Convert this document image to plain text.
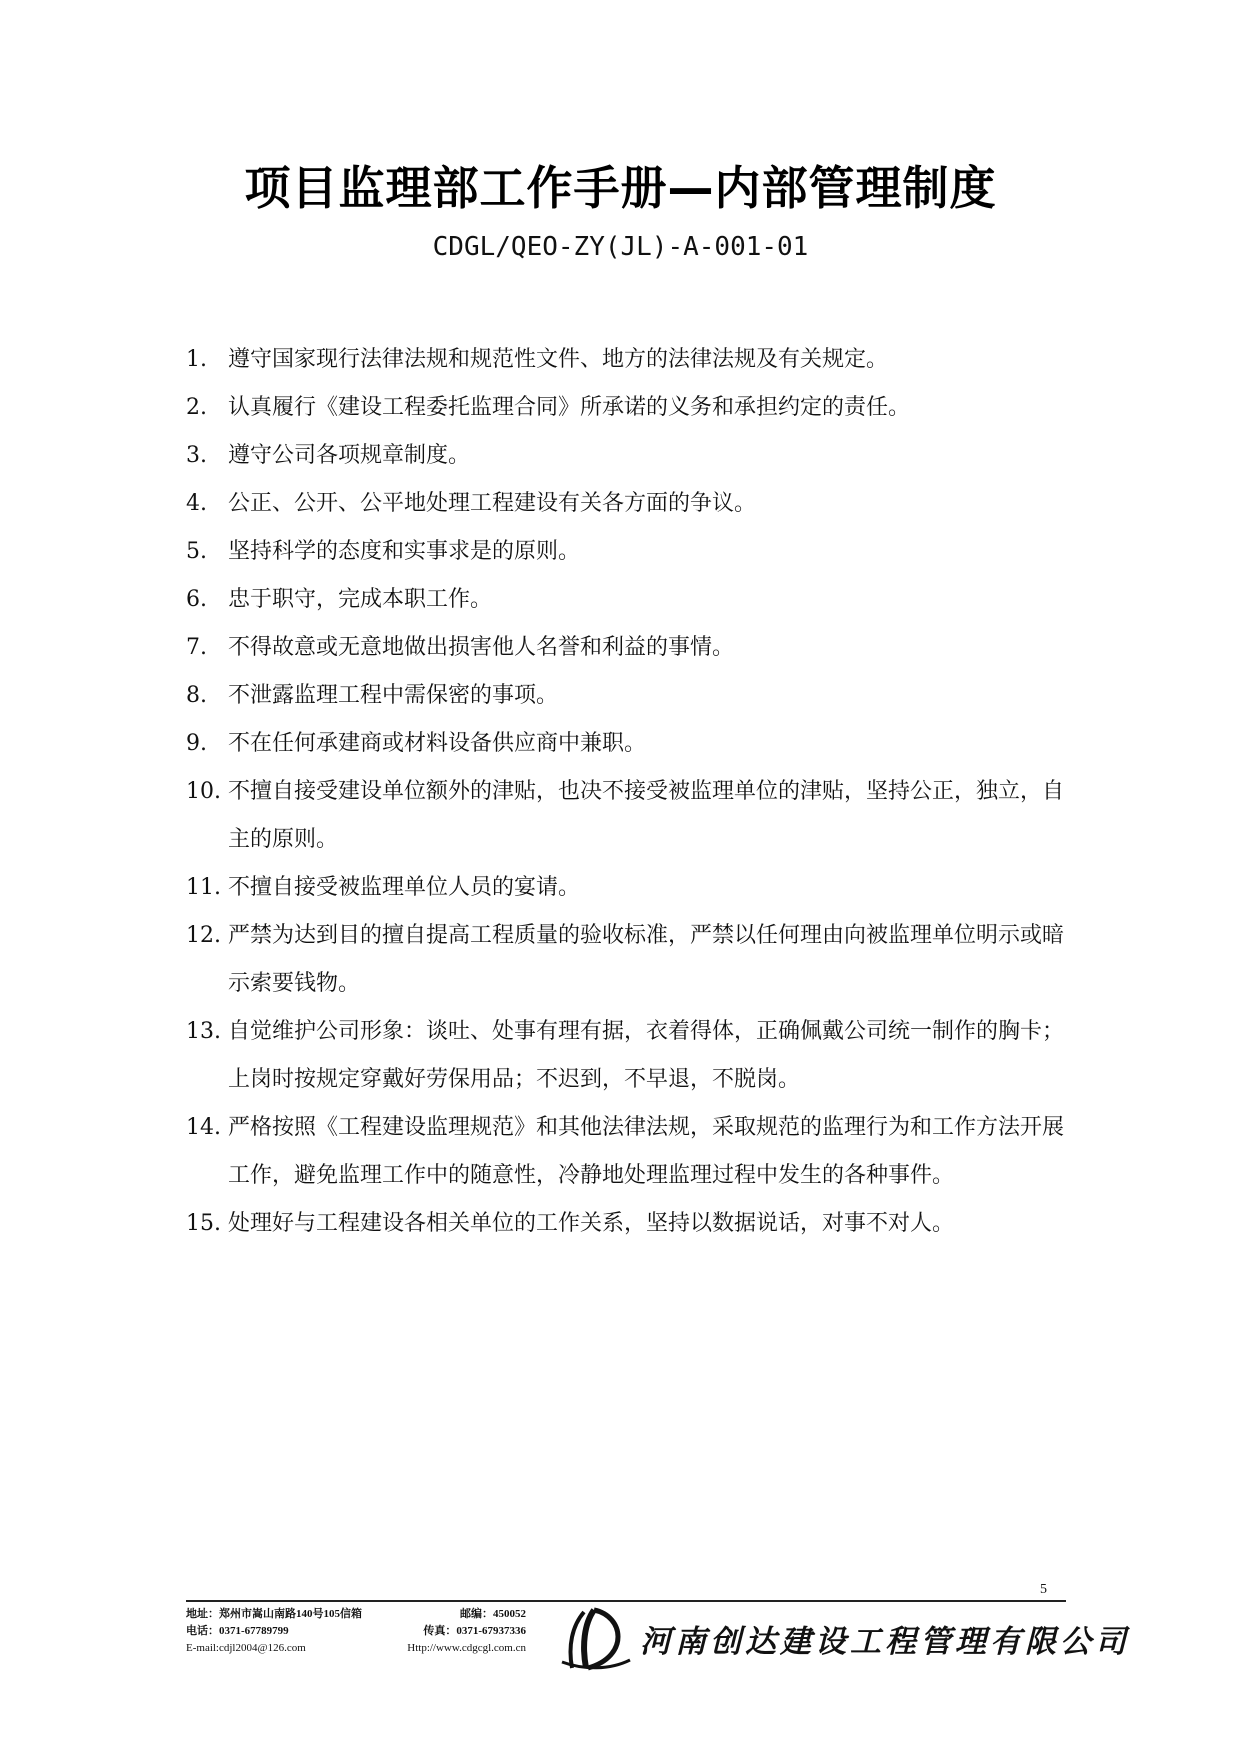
项目监理部工作手册—内部管理制度
CDGL/QEO-ZY(JL)-A-001-01
1. 遵守国家现行法律法规和规范性文件、地方的法律法规及有关规定。
2. 认真履行《建设工程委托监理合同》所承诺的义务和承担约定的责任。
3. 遵守公司各项规章制度。
4. 公正、公开、公平地处理工程建设有关各方面的争议。
5. 坚持科学的态度和实事求是的原则。
6. 忠于职守，完成本职工作。
7. 不得故意或无意地做出损害他人名誉和利益的事情。
8. 不泄露监理工程中需保密的事项。
9. 不在任何承建商或材料设备供应商中兼职。
10. 不擅自接受建设单位额外的津贴，也决不接受被监理单位的津贴，坚持公正，独立，自主的原则。
11. 不擅自接受被监理单位人员的宴请。
12. 严禁为达到目的擅自提高工程质量的验收标准，严禁以任何理由向被监理单位明示或暗示索要钱物。
13. 自觉维护公司形象：谈吐、处事有理有据，衣着得体，正确佩戴公司统一制作的胸卡；上岗时按规定穿戴好劳保用品；不迟到，不早退，不脱岗。
14. 严格按照《工程建设监理规范》和其他法律法规，采取规范的监理行为和工作方法开展工作，避免监理工作中的随意性，冷静地处理监理过程中发生的各种事件。
15. 处理好与工程建设各相关单位的工作关系，坚持以数据说话，对事不对人。
5
地址：郑州市嵩山南路140号105信箱	邮编：450052
电话：0371-67789799	传真：0371-67937336
E-mail:cdjl2004@126.com	Http://www.cdgcgl.com.cn	河南创达建设工程管理有限公司
